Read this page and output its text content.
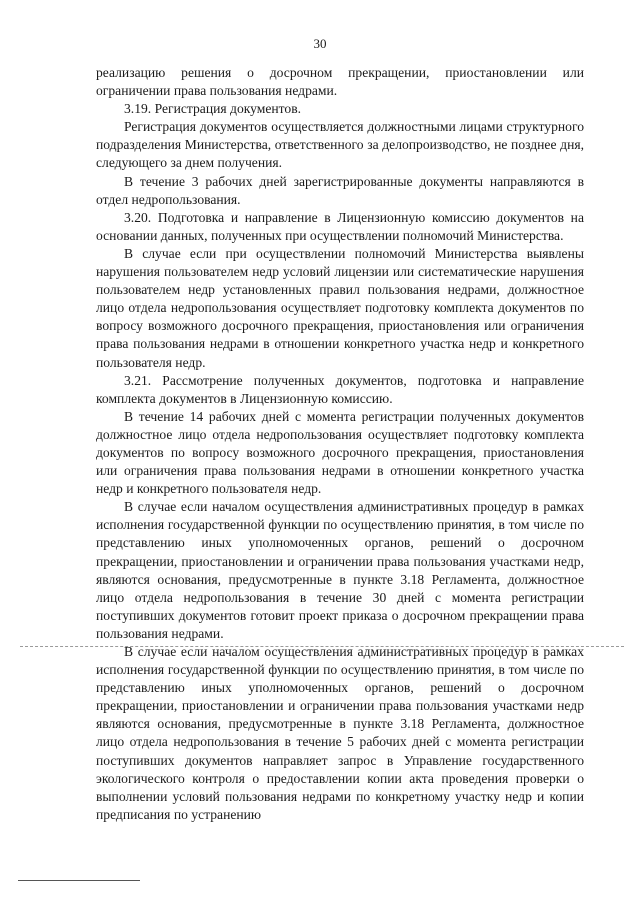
30

реализацию решения о досрочном прекращении, приостановлении или ограничении права пользования недрами.

3.19. Регистрация документов.

Регистрация документов осуществляется должностными лицами структурного подразделения Министерства, ответственного за делопроизводство, не позднее дня, следующего за днем получения.

В течение 3 рабочих дней зарегистрированные документы направляются в отдел недропользования.

3.20. Подготовка и направление в Лицензионную комиссию документов на основании данных, полученных при осуществлении полномочий Министерства.

В случае если при осуществлении полномочий Министерства выявлены нарушения пользователем недр условий лицензии или систематические нарушения пользователем недр установленных правил пользования недрами, должностное лицо отдела недропользования осуществляет подготовку комплекта документов по вопросу возможного досрочного прекращения, приостановления или ограничения права пользования недрами в отношении конкретного участка недр и конкретного пользователя недр.

3.21. Рассмотрение полученных документов, подготовка и направление комплекта документов в Лицензионную комиссию.

В течение 14 рабочих дней с момента регистрации полученных документов должностное лицо отдела недропользования осуществляет подготовку комплекта документов по вопросу возможного досрочного прекращения, приостановления или ограничения права пользования недрами в отношении конкретного участка недр и конкретного пользователя недр.

В случае если началом осуществления административных процедур в рамках исполнения государственной функции по осуществлению принятия, в том числе по представлению иных уполномоченных органов, решений о досрочном прекращении, приостановлении и ограничении права пользования участками недр, являются основания, предусмотренные в пункте 3.18 Регламента, должностное лицо отдела недропользования в течение 30 дней с момента регистрации поступивших документов готовит проект приказа о досрочном прекращении права пользования недрами.

В случае если началом осуществления административных процедур в рамках исполнения государственной функции по осуществлению принятия, в том числе по представлению иных уполномоченных органов, решений о досрочном прекращении, приостановлении и ограничении права пользования участками недр являются основания, предусмотренные в пункте 3.18 Регламента, должностное лицо отдела недропользования в течение 5 рабочих дней с момента регистрации поступивших документов направляет запрос в Управление государственного экологического контроля о предоставлении копии акта проведения проверки о выполнении условий пользования недрами по конкретному участку недр и копии предписания по устранению
